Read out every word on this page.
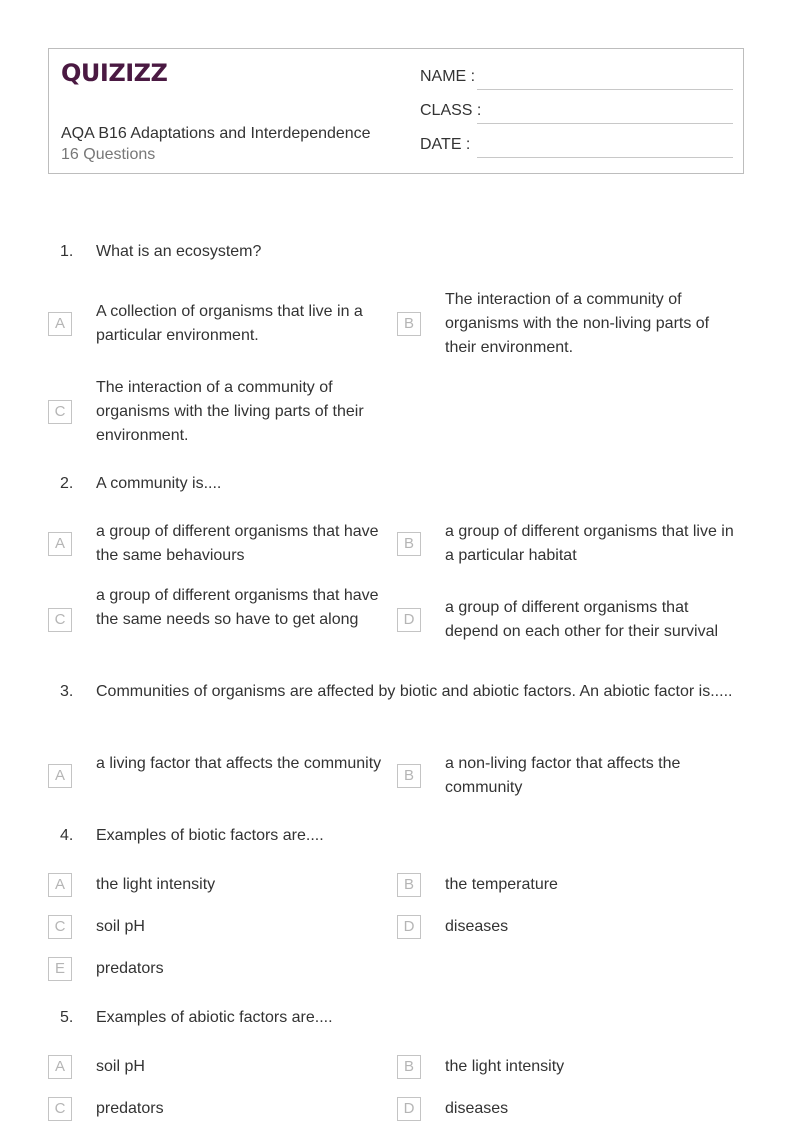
QUIZIZZ
AQA B16 Adaptations and Interdependence
16 Questions
NAME :
CLASS :
DATE :
1. What is an ecosystem?
A
A collection of organisms that live in a particular environment.
B
The interaction of a community of organisms with the non-living parts of their environment.
C
The interaction of a community of organisms with the living parts of their environment.
2. A community is....
A
a group of different organisms that have the same behaviours
B
a group of different organisms that live in a particular habitat
C
a group of different organisms that have the same needs so have to get along	D
a group of different organisms that depend on each other for their survival
3. Communities of organisms are affected by biotic and abiotic factors. An abiotic factor is.....
A
a living factor that affects the community
B
a non-living factor that affects the community
4. Examples of biotic factors are....
A	the light intensity	B	the temperature
C	soil pH	D	diseases
E	predators
5. Examples of abiotic factors are....
A	soil pH	B	the light intensity
C	predators	D	diseases
